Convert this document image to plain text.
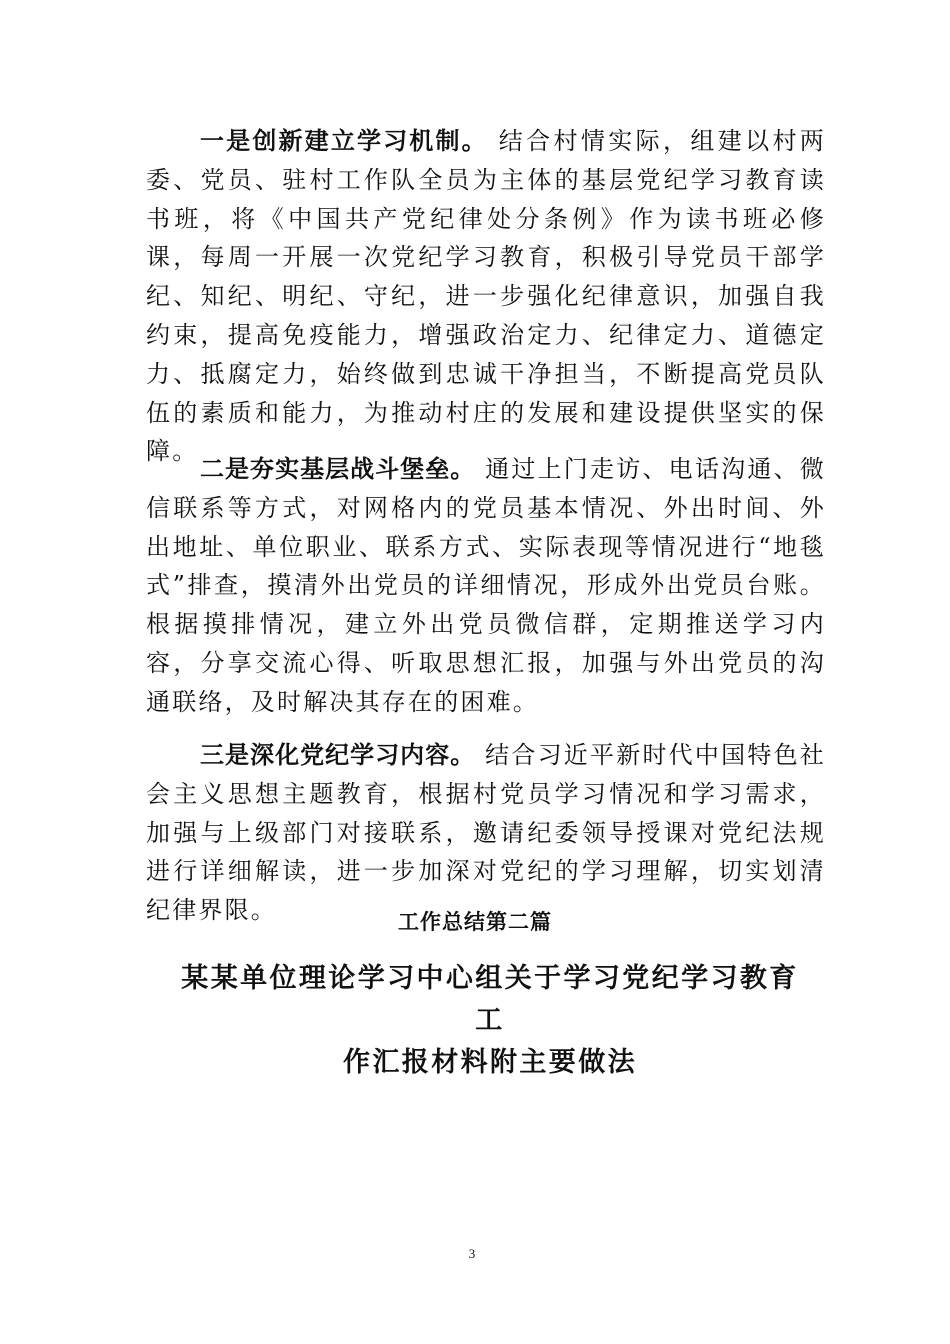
一是创新建立学习机制。 结合村情实际，组建以村两委、党员、驻村工作队全员为主体的基层党纪学习教育读书班，将《中国共产党纪律处分条例》作为读书班必修课，每周一开展一次党纪学习教育，积极引导党员干部学纪、知纪、明纪、守纪，进一步强化纪律意识，加强自我约束，提高免疫能力，增强政治定力、纪律定力、道德定力、抵腐定力，始终做到忠诚干净担当，不断提高党员队伍的素质和能力，为推动村庄的发展和建设提供坚实的保障。

二是夯实基层战斗堡垒。 通过上门走访、电话沟通、微信联系等方式，对网格内的党员基本情况、外出时间、外出地址、单位职业、联系方式、实际表现等情况进行“地毯式”排查，摸清外出党员的详细情况，形成外出党员台账。根据摸排情况，建立外出党员微信群，定期推送学习内容，分享交流心得、听取思想汇报，加强与外出党员的沟通联络，及时解决其存在的困难。

三是深化党纪学习内容。 结合习近平新时代中国特色社会主义思想主题教育，根据村党员学习情况和学习需求，加强与上级部门对接联系，邀请纪委领导授课对党纪法规进行详细解读，进一步加深对党纪的学习理解，切实划清纪律界限。	工作总结第二篇

某某单位理论学习中心组关于学习党纪学习教育工
作汇报材料附主要做法
3
